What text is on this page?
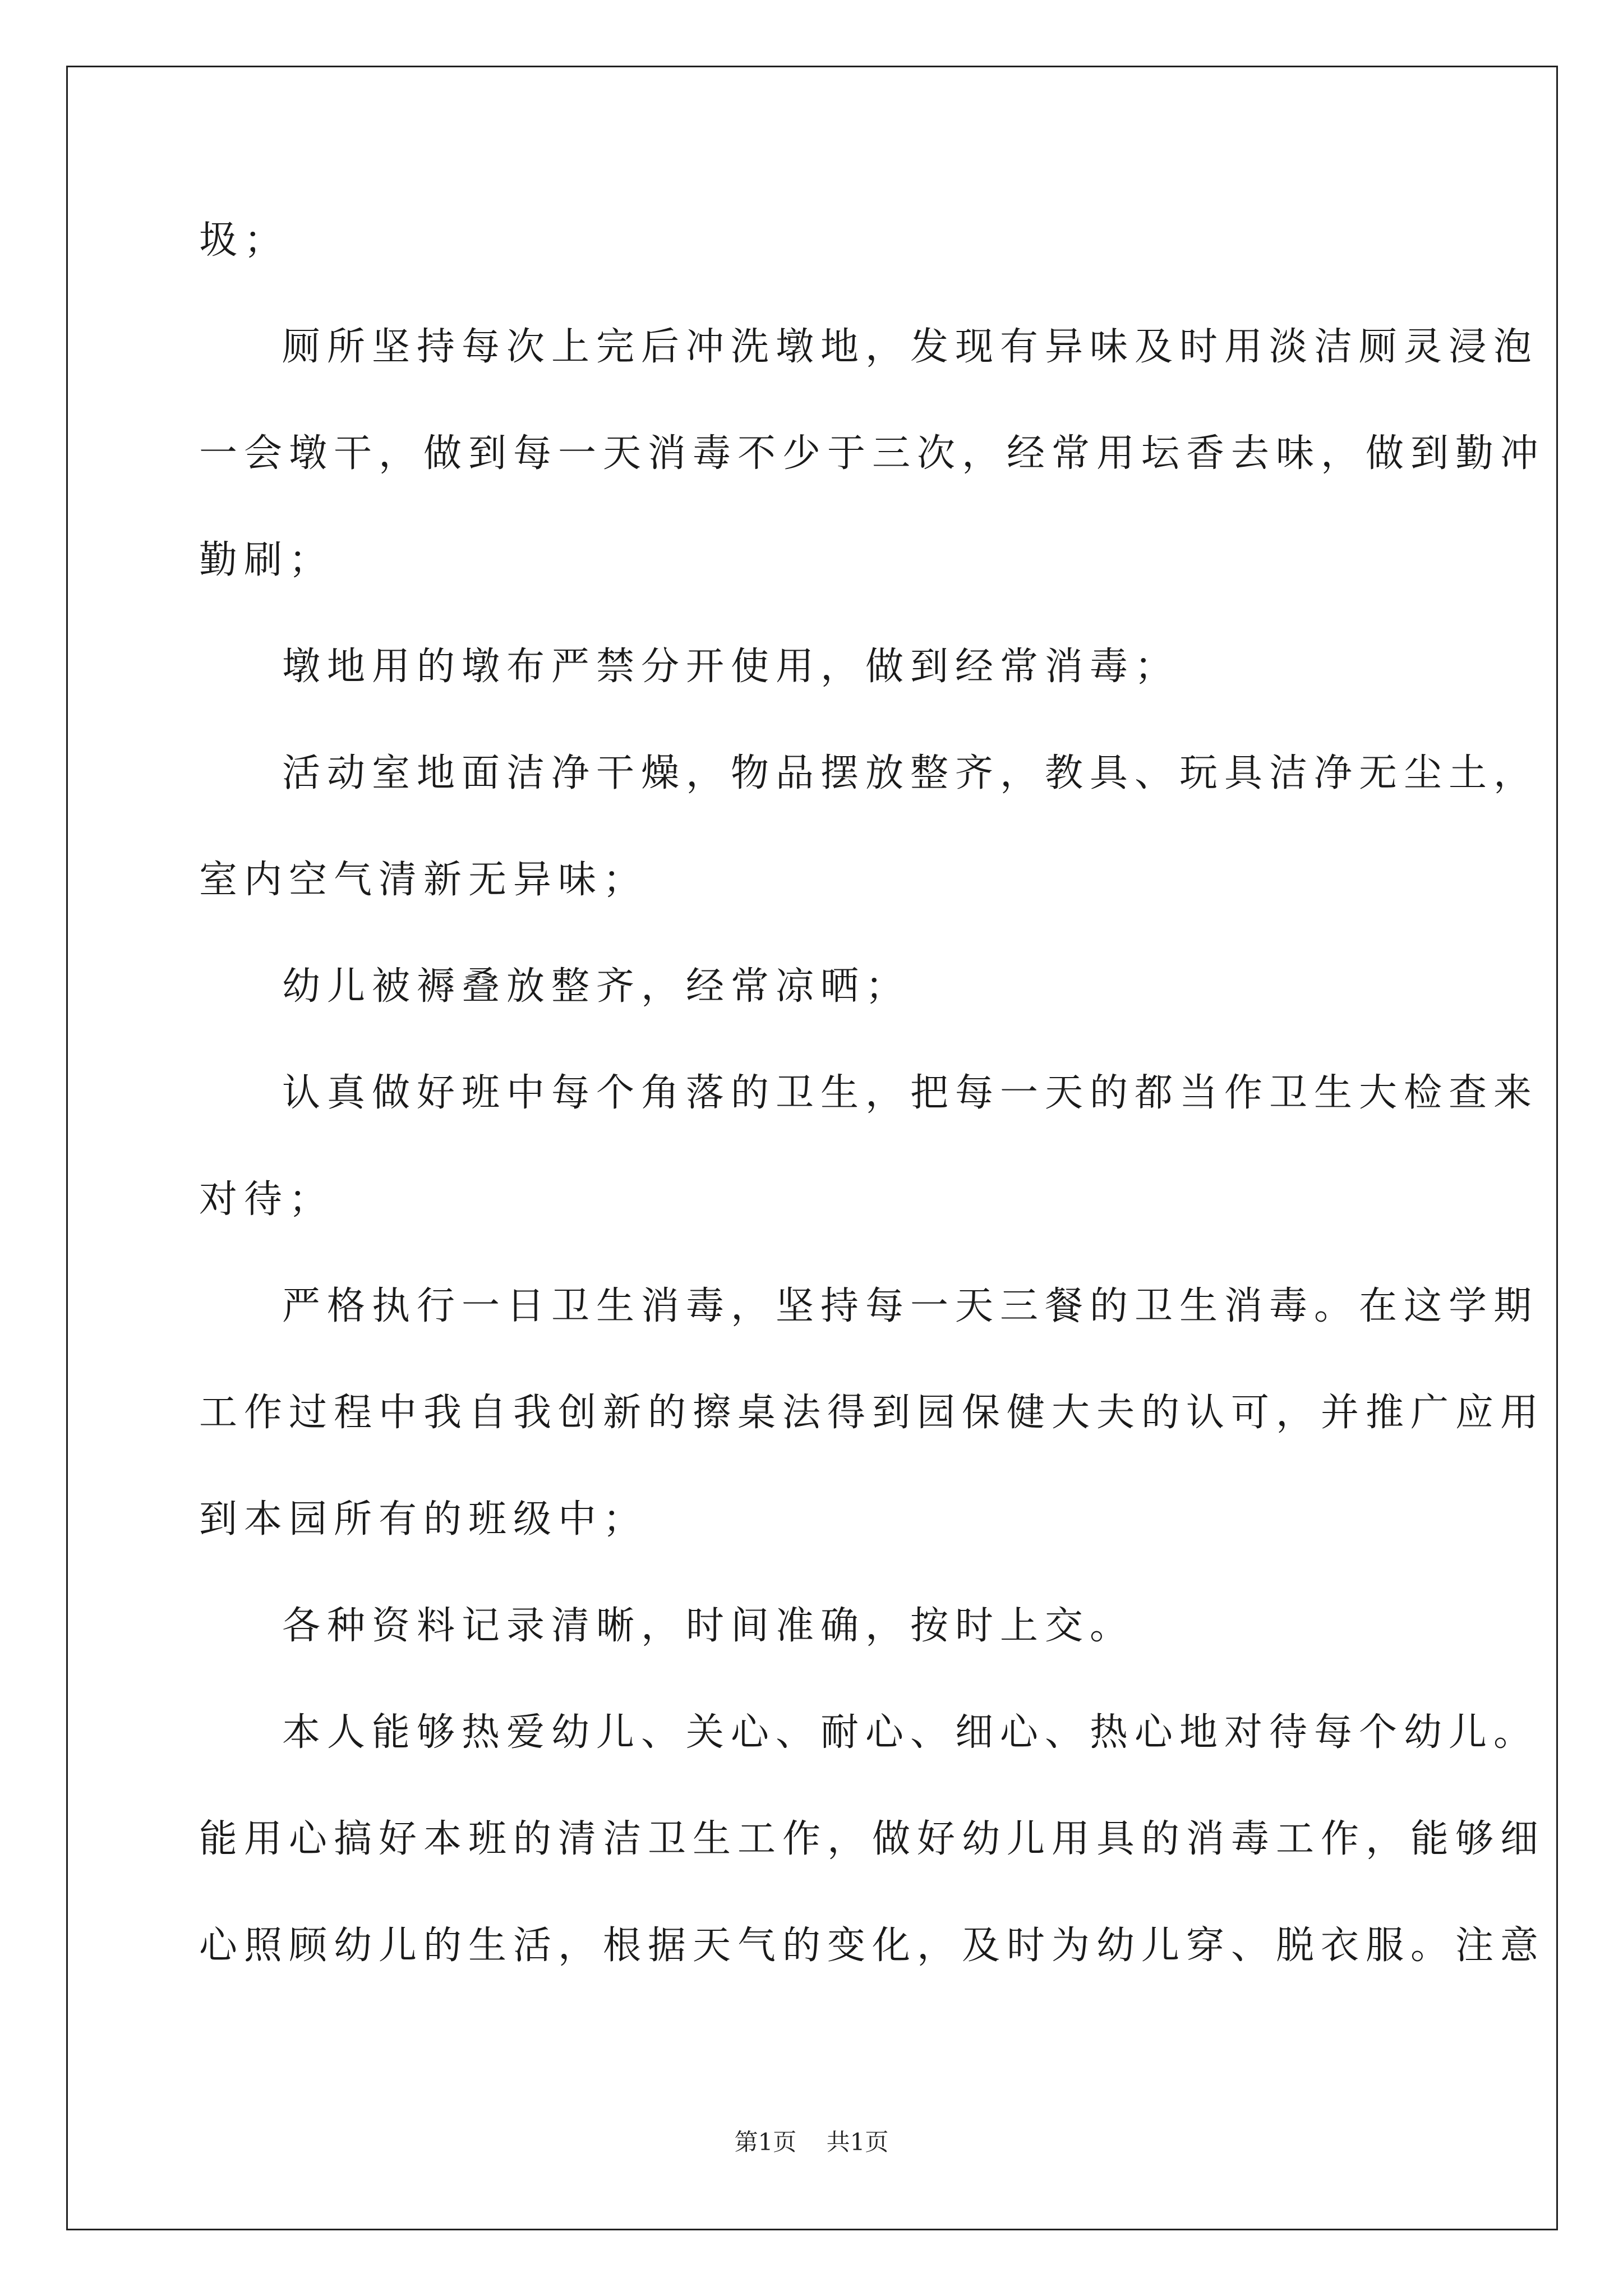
圾；
厕所坚持每次上完后冲洗墩地，发现有异味及时用淡洁厕灵浸泡
一会墩干，做到每一天消毒不少于三次，经常用坛香去味，做到勤冲
勤刷；
墩地用的墩布严禁分开使用，做到经常消毒；
活动室地面洁净干燥，物品摆放整齐，教具、玩具洁净无尘土，
室内空气清新无异味；
幼儿被褥叠放整齐，经常凉晒；
认真做好班中每个角落的卫生，把每一天的都当作卫生大检查来
对待；
严格执行一日卫生消毒，坚持每一天三餐的卫生消毒。在这学期
工作过程中我自我创新的擦桌法得到园保健大夫的认可，并推广应用
到本园所有的班级中；
各种资料记录清晰，时间准确，按时上交。
本人能够热爱幼儿、关心、耐心、细心、热心地对待每个幼儿。
能用心搞好本班的清洁卫生工作，做好幼儿用具的消毒工作，能够细
心照顾幼儿的生活，根据天气的变化，及时为幼儿穿、脱衣服。注意
第1页 共1页
